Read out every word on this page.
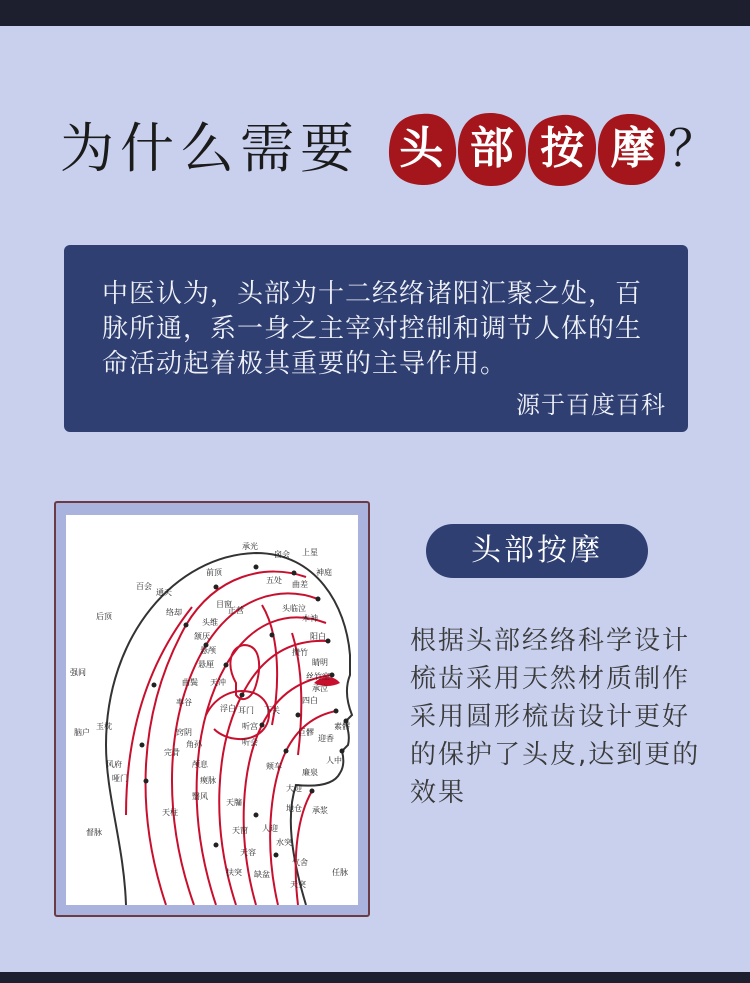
为什么需要 头 部 按 摩 ？
中医认为，头部为十二经络诸阳汇聚之处，百脉所通，系一身之主宰对控制和调节人体的生命活动起着极其重要的主导作用。
源于百度百科
前顶
百会
后顶
强间
脑户
风府
哑门
承光
通天
络却
玉枕
囟会 上星
神庭
五处 曲差
头维
目窗
正营
颔厌
悬颅
悬厘
曲鬓
率谷
天冲
浮白
窍阴
完骨
角孙
颅息
瘈脉
翳风
耳门
听宫
听会
下关
颊车
大迎
地仓 承浆
人中
迎香
四白
承泣
睛明
攒竹
丝竹空
阳白
素髎
巨髎
天窗
天容
人迎
水突
气舍
缺盆
天突
扶突
天牖
天柱
头临泣
本神
廉泉
任脉
督脉
头部按摩
根据头部经络科学设计梳齿采用天然材质制作采用圆形梳齿设计更好的保护了头皮,达到更的效果
